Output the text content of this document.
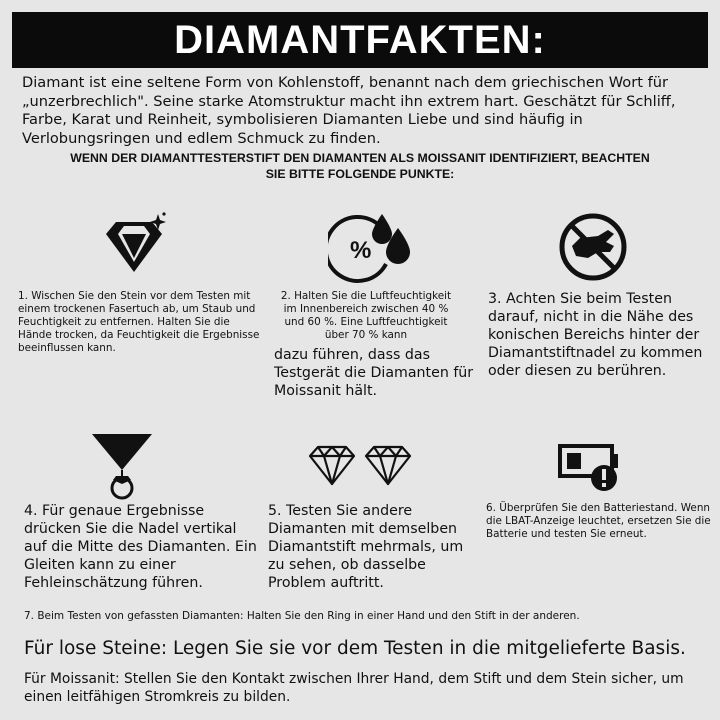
DIAMANTFAKTEN:
Diamant ist eine seltene Form von Kohlenstoff, benannt nach dem griechischen Wort für „unzerbrechlich". Seine starke Atomstruktur macht ihn extrem hart. Geschätzt für Schliff, Farbe, Karat und Reinheit, symbolisieren Diamanten Liebe und sind häufig in Verlobungsringen und edlem Schmuck zu finden.
WENN DER DIAMANTTESTERSTIFT DEN DIAMANTEN ALS MOISSANIT IDENTIFIZIERT, BEACHTEN
SIE BITTE FOLGENDE PUNKTE:
%
1. Wischen Sie den Stein vor dem Testen mit einem trockenen Fasertuch ab, um Staub und Feuchtigkeit zu entfernen. Halten Sie die Hände trocken, da Feuchtigkeit die Ergebnisse beeinflussen kann.
2. Halten Sie die Luftfeuchtigkeit im Innenbereich zwischen 40 % und 60 %. Eine Luftfeuchtigkeit über 70 % kann
dazu führen, dass das Testgerät die Diamanten für Moissanit hält.
3. Achten Sie beim Testen darauf, nicht in die Nähe des konischen Bereichs hinter der Diamantstiftnadel zu kommen oder diesen zu berühren.
4. Für genaue Ergebnisse drücken Sie die Nadel vertikal auf die Mitte des Diamanten. Ein Gleiten kann zu einer Fehleinschätzung führen.
5. Testen Sie andere Diamanten mit demselben Diamantstift mehrmals, um zu sehen, ob dasselbe Problem auftritt.
6. Überprüfen Sie den Batteriestand. Wenn die LBAT-Anzeige leuchtet, ersetzen Sie die Batterie und testen Sie erneut.
7. Beim Testen von gefassten Diamanten: Halten Sie den Ring in einer Hand und den Stift in der anderen.
Für lose Steine: Legen Sie sie vor dem Testen in die mitgelieferte Basis.
Für Moissanit: Stellen Sie den Kontakt zwischen Ihrer Hand, dem Stift und dem Stein sicher, um einen leitfähigen Stromkreis zu bilden.
